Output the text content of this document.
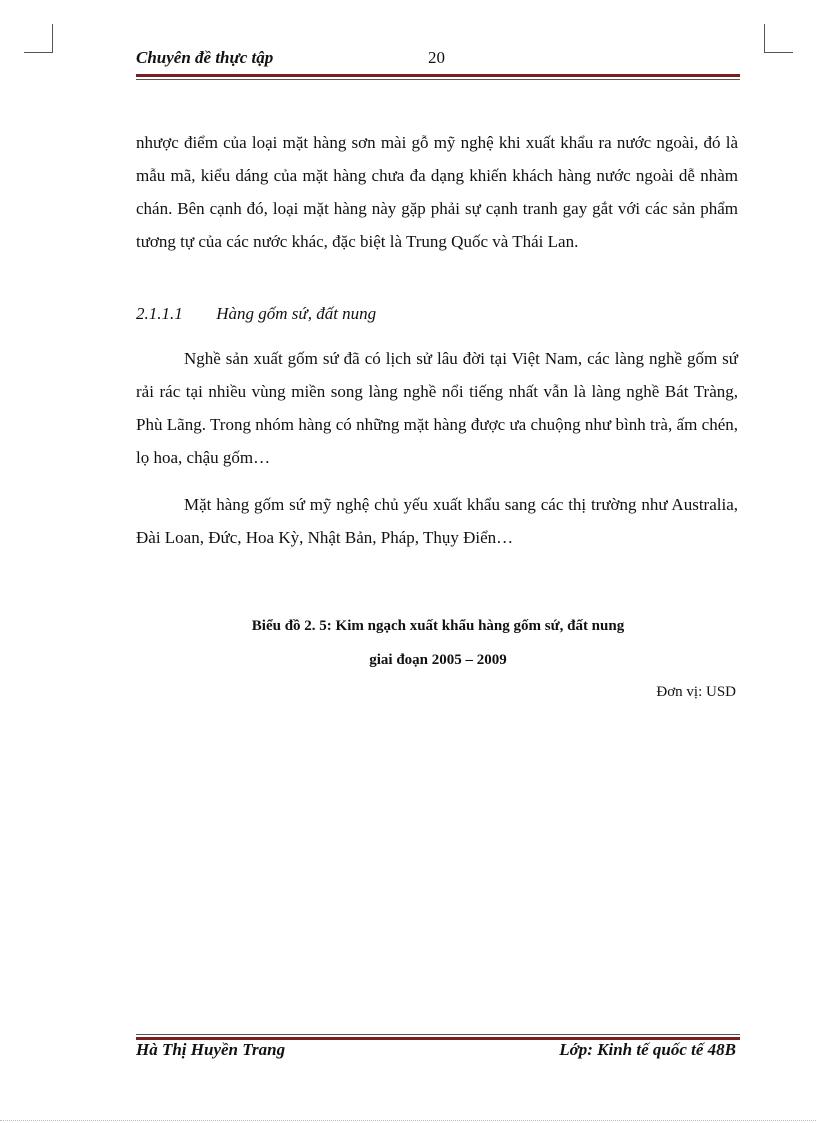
Chuyên đề thực tập	20
nhược điểm của loại mặt hàng sơn mài gỗ mỹ nghệ khi xuất khẩu ra nước ngoài, đó là mẫu mã, kiểu dáng của mặt hàng chưa đa dạng khiến khách hàng nước ngoài dễ nhàm chán. Bên cạnh đó, loại mặt hàng này gặp phải sự cạnh tranh gay gắt với các sản phẩm tương tự của các nước khác, đặc biệt là Trung Quốc và Thái Lan.
2.1.1.1 Hàng gốm sứ, đất nung
Nghề sản xuất gốm sứ đã có lịch sử lâu đời tại Việt Nam, các làng nghề gốm sứ rải rác tại nhiều vùng miền song làng nghề nổi tiếng nhất vẫn là làng nghề Bát Tràng, Phù Lãng. Trong nhóm hàng có những mặt hàng được ưa chuộng như bình trà, ấm chén, lọ hoa, chậu gốm…
Mặt hàng gốm sứ mỹ nghệ chủ yếu xuất khẩu sang các thị trường như Australia, Đài Loan, Đức, Hoa Kỳ, Nhật Bản, Pháp, Thụy Điển…
Biểu đồ 2. 5: Kim ngạch xuất khẩu hàng gốm sứ, đất nung
giai đoạn 2005 – 2009
Đơn vị: USD
Hà Thị Huyền Trang	Lớp: Kinh tế quốc tế 48B
